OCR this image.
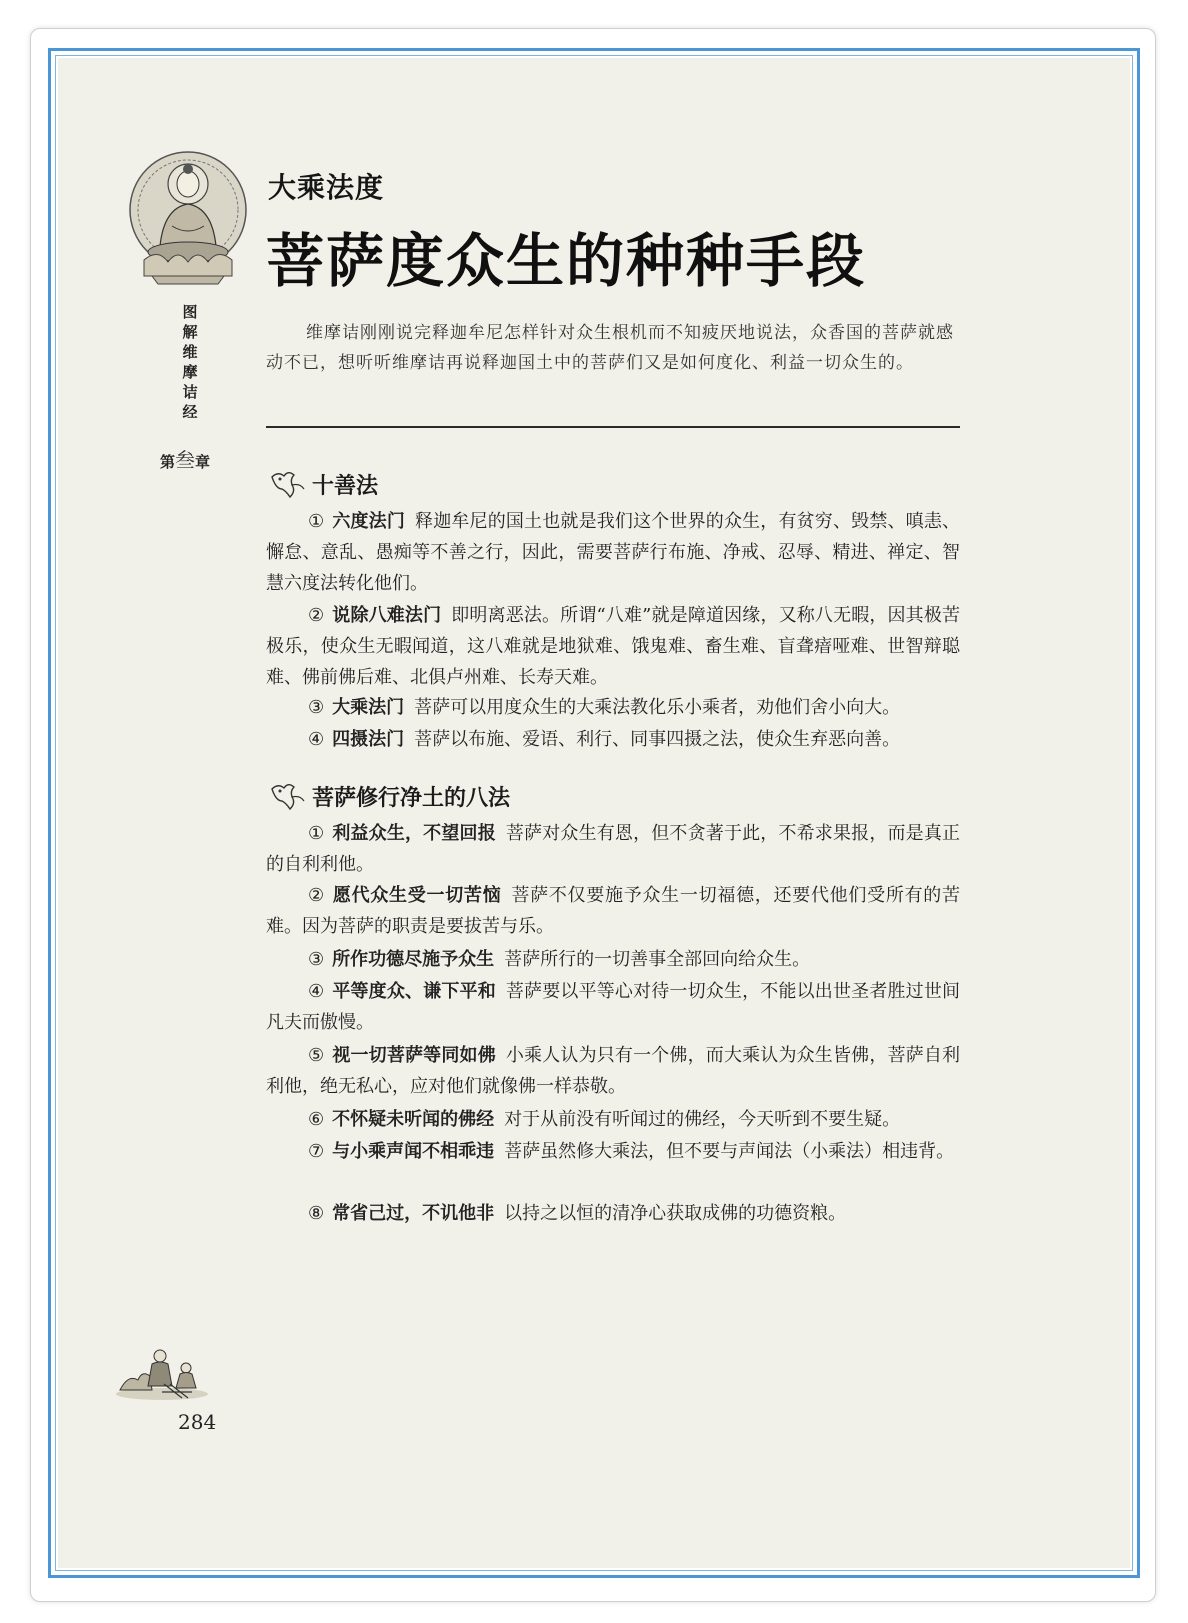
图
解
维
摩
诘
经
第叁章
大乘法度
菩萨度众生的种种手段
维摩诘刚刚说完释迦牟尼怎样针对众生根机而不知疲厌地说法，众香国的菩萨就感动不已，想听听维摩诘再说释迦国土中的菩萨们又是如何度化、利益一切众生的。
十善法
① 六度法门 释迦牟尼的国土也就是我们这个世界的众生，有贫穷、毁禁、嗔恚、懈怠、意乱、愚痴等不善之行，因此，需要菩萨行布施、净戒、忍辱、精进、禅定、智慧六度法转化他们。
② 说除八难法门 即明离恶法。所谓“八难”就是障道因缘，又称八无暇，因其极苦极乐，使众生无暇闻道，这八难就是地狱难、饿鬼难、畜生难、盲聋瘖哑难、世智辩聪难、佛前佛后难、北俱卢州难、长寿天难。
③ 大乘法门 菩萨可以用度众生的大乘法教化乐小乘者，劝他们舍小向大。
④ 四摄法门 菩萨以布施、爱语、利行、同事四摄之法，使众生弃恶向善。
菩萨修行净土的八法
① 利益众生，不望回报 菩萨对众生有恩，但不贪著于此，不希求果报，而是真正的自利利他。
② 愿代众生受一切苦恼 菩萨不仅要施予众生一切福德，还要代他们受所有的苦难。因为菩萨的职责是要拔苦与乐。
③ 所作功德尽施予众生 菩萨所行的一切善事全部回向给众生。
④ 平等度众、谦下平和 菩萨要以平等心对待一切众生，不能以出世圣者胜过世间凡夫而傲慢。
⑤ 视一切菩萨等同如佛 小乘人认为只有一个佛，而大乘认为众生皆佛，菩萨自利利他，绝无私心，应对他们就像佛一样恭敬。
⑥ 不怀疑未听闻的佛经 对于从前没有听闻过的佛经，今天听到不要生疑。
⑦ 与小乘声闻不相乖违 菩萨虽然修大乘法，但不要与声闻法（小乘法）相违背。
⑧ 常省己过，不讥他非 以持之以恒的清净心获取成佛的功德资粮。
284
